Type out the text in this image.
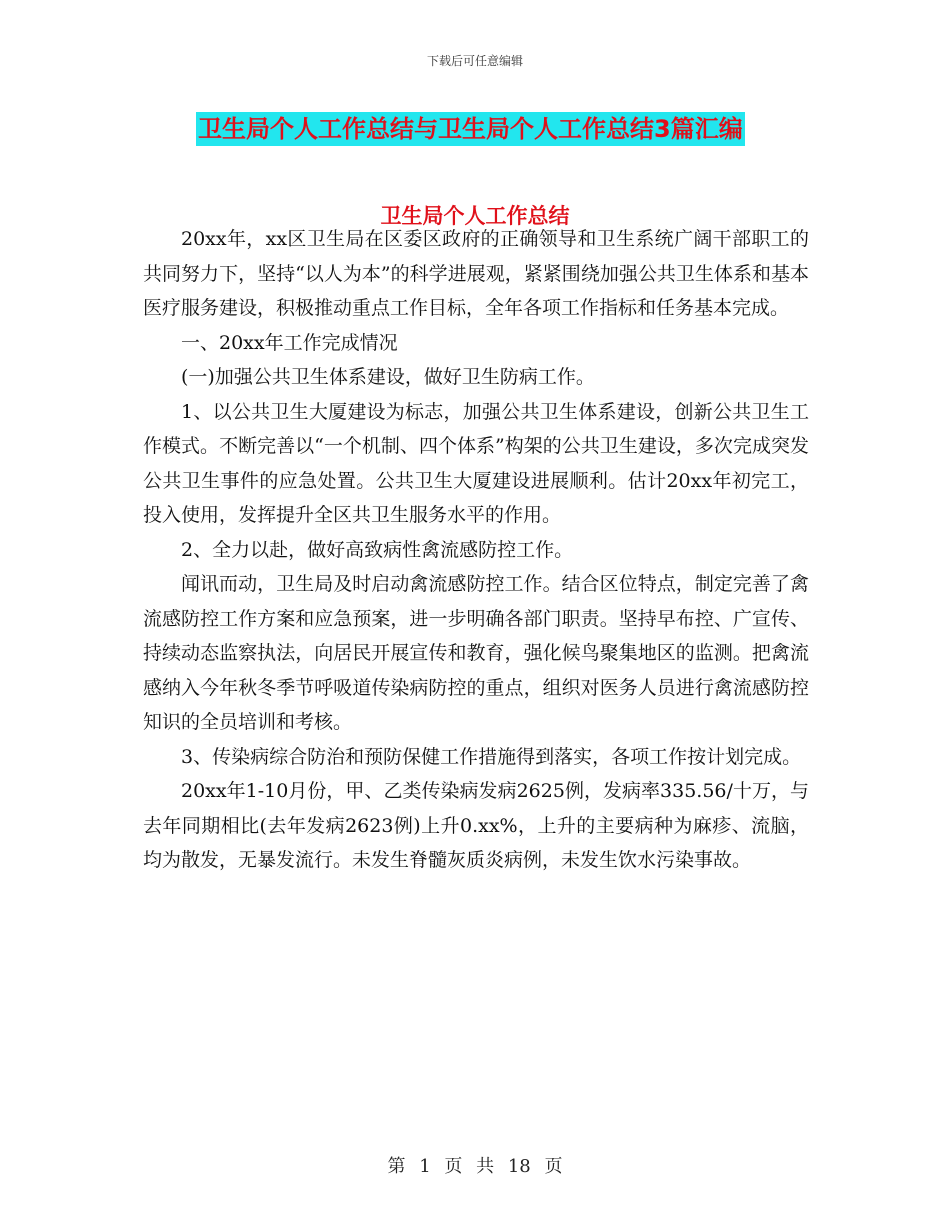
下载后可任意编辑
卫生局个人工作总结与卫生局个人工作总结3篇汇编
卫生局个人工作总结

20xx年，xx区卫生局在区委区政府的正确领导和卫生系统广阔干部职工的共同努力下，坚持“以人为本”的科学进展观，紧紧围绕加强公共卫生体系和基本医疗服务建设，积极推动重点工作目标，全年各项工作指标和任务基本完成。

一、20xx年工作完成情况

(一)加强公共卫生体系建设，做好卫生防病工作。

1、以公共卫生大厦建设为标志，加强公共卫生体系建设，创新公共卫生工作模式。不断完善以“一个机制、四个体系”构架的公共卫生建设，多次完成突发公共卫生事件的应急处置。公共卫生大厦建设进展顺利。估计20xx年初完工，投入使用，发挥提升全区共卫生服务水平的作用。

2、全力以赴，做好高致病性禽流感防控工作。

闻讯而动，卫生局及时启动禽流感防控工作。结合区位特点，制定完善了禽流感防控工作方案和应急预案，进一步明确各部门职责。坚持早布控、广宣传、持续动态监察执法，向居民开展宣传和教育，强化候鸟聚集地区的监测。把禽流感纳入今年秋冬季节呼吸道传染病防控的重点，组织对医务人员进行禽流感防控知识的全员培训和考核。

3、传染病综合防治和预防保健工作措施得到落实，各项工作按计划完成。

20xx年1-10月份，甲、乙类传染病发病2625例，发病率335.56/十万，与去年同期相比(去年发病2623例)上升0.xx%，上升的主要病种为麻疹、流脑，均为散发，无暴发流行。未发生脊髓灰质炎病例，未发生饮水污染事故。

第 1 页 共 18 页
